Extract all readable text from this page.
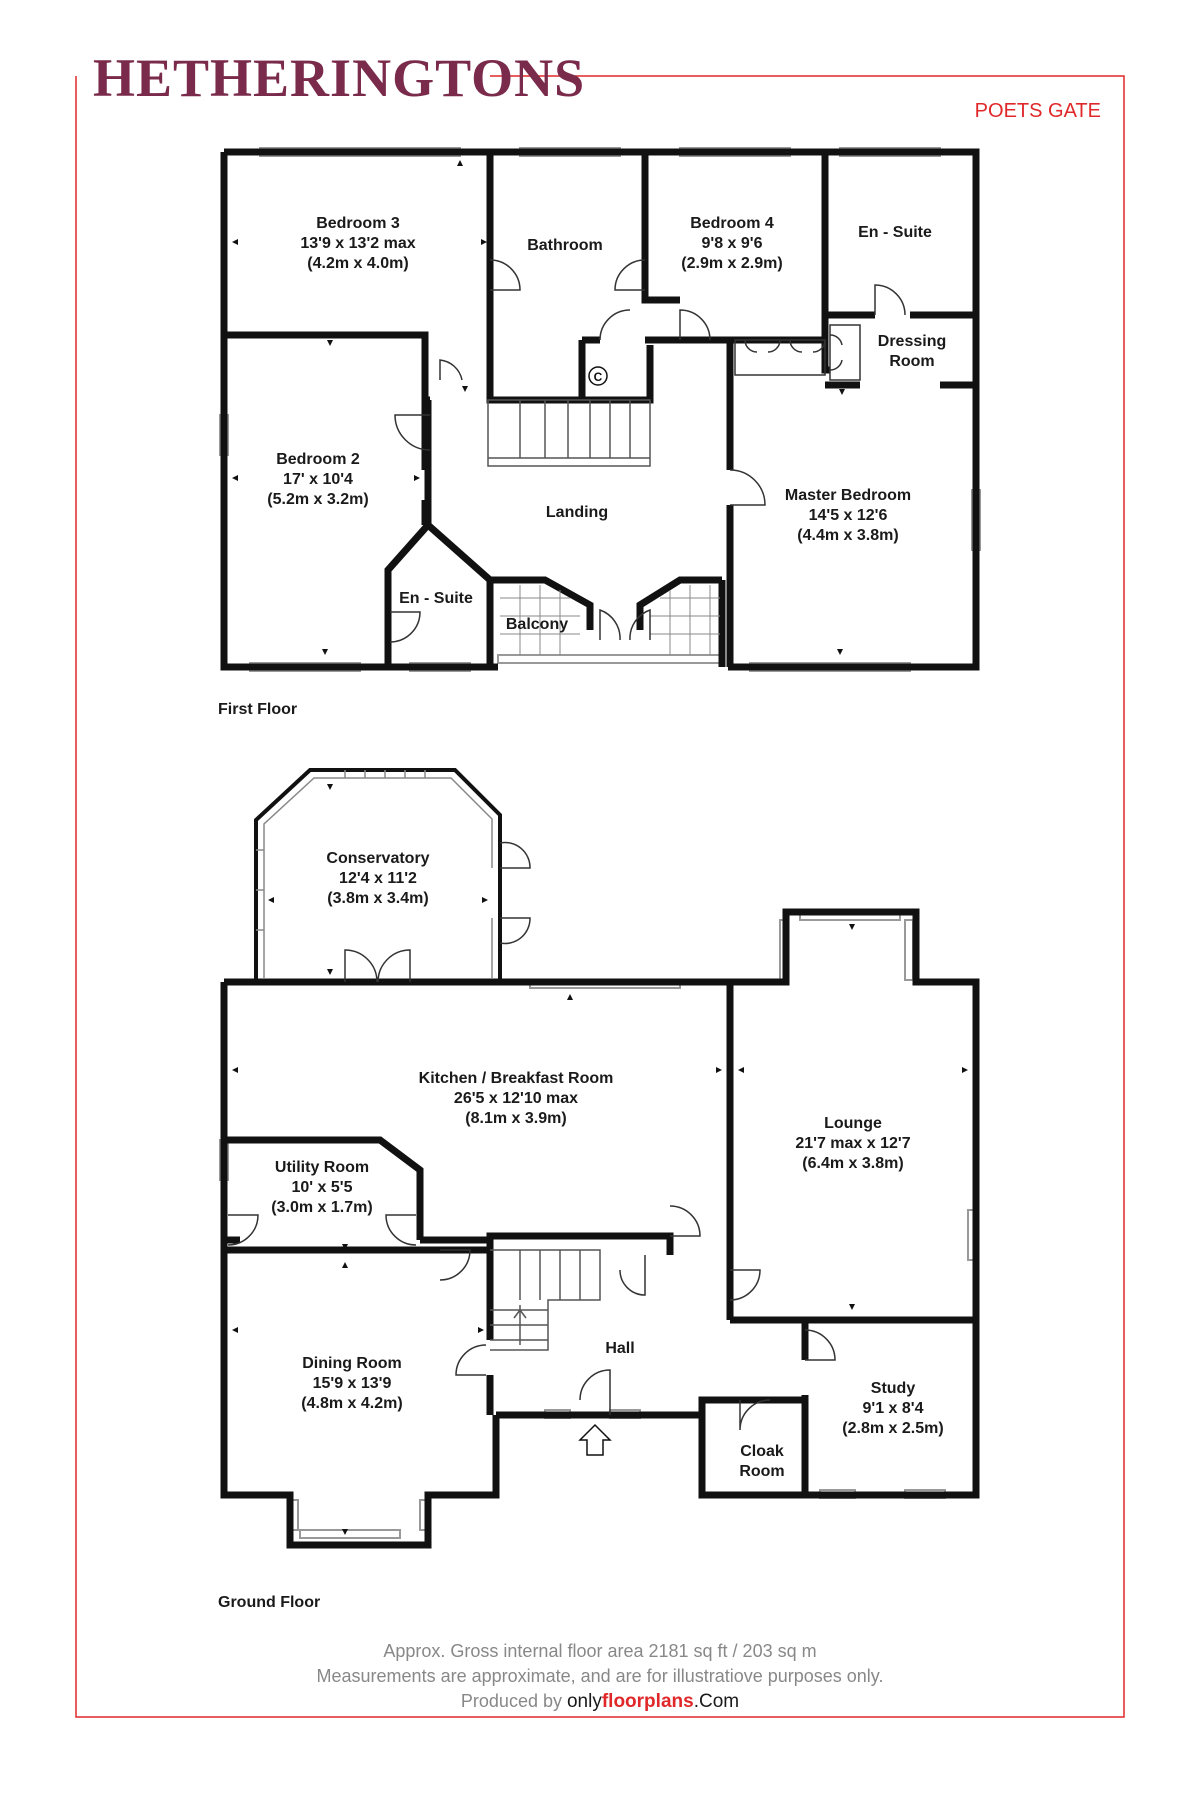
HETHERINGTONS
POETS GATE
Bedroom 3 13'9 x 13'2 max (4.2m x 4.0m)
Bathroom
Bedroom 4 9'8 x 9'6 (2.9m x 2.9m)
En - Suite
Dressing Room
C
Bedroom 2 17' x 10'4 (5.2m x 3.2m)
Landing
Master Bedroom 14'5 x 12'6 (4.4m x 3.8m)
En - Suite
Balcony
First Floor
Conservatory 12'4 x 11'2 (3.8m x 3.4m)
Kitchen / Breakfast Room 26'5 x 12'10 max (8.1m x 3.9m)	Lounge 21'7 max x 12'7 (6.4m x 3.8m)
Utility Room 10' x 5'5 (3.0m x 1.7m)
Dining Room 15'9 x 13'9 (4.8m x 4.2m)
Hall
Study 9'1 x 8'4 (2.8m x 2.5m)
Cloak Room
Ground Floor
Approx. Gross internal floor area 2181 sq ft / 203 sq m
Measurements are approximate, and are for illustratiove purposes only.
Produced by onlyfloorplans.Com
